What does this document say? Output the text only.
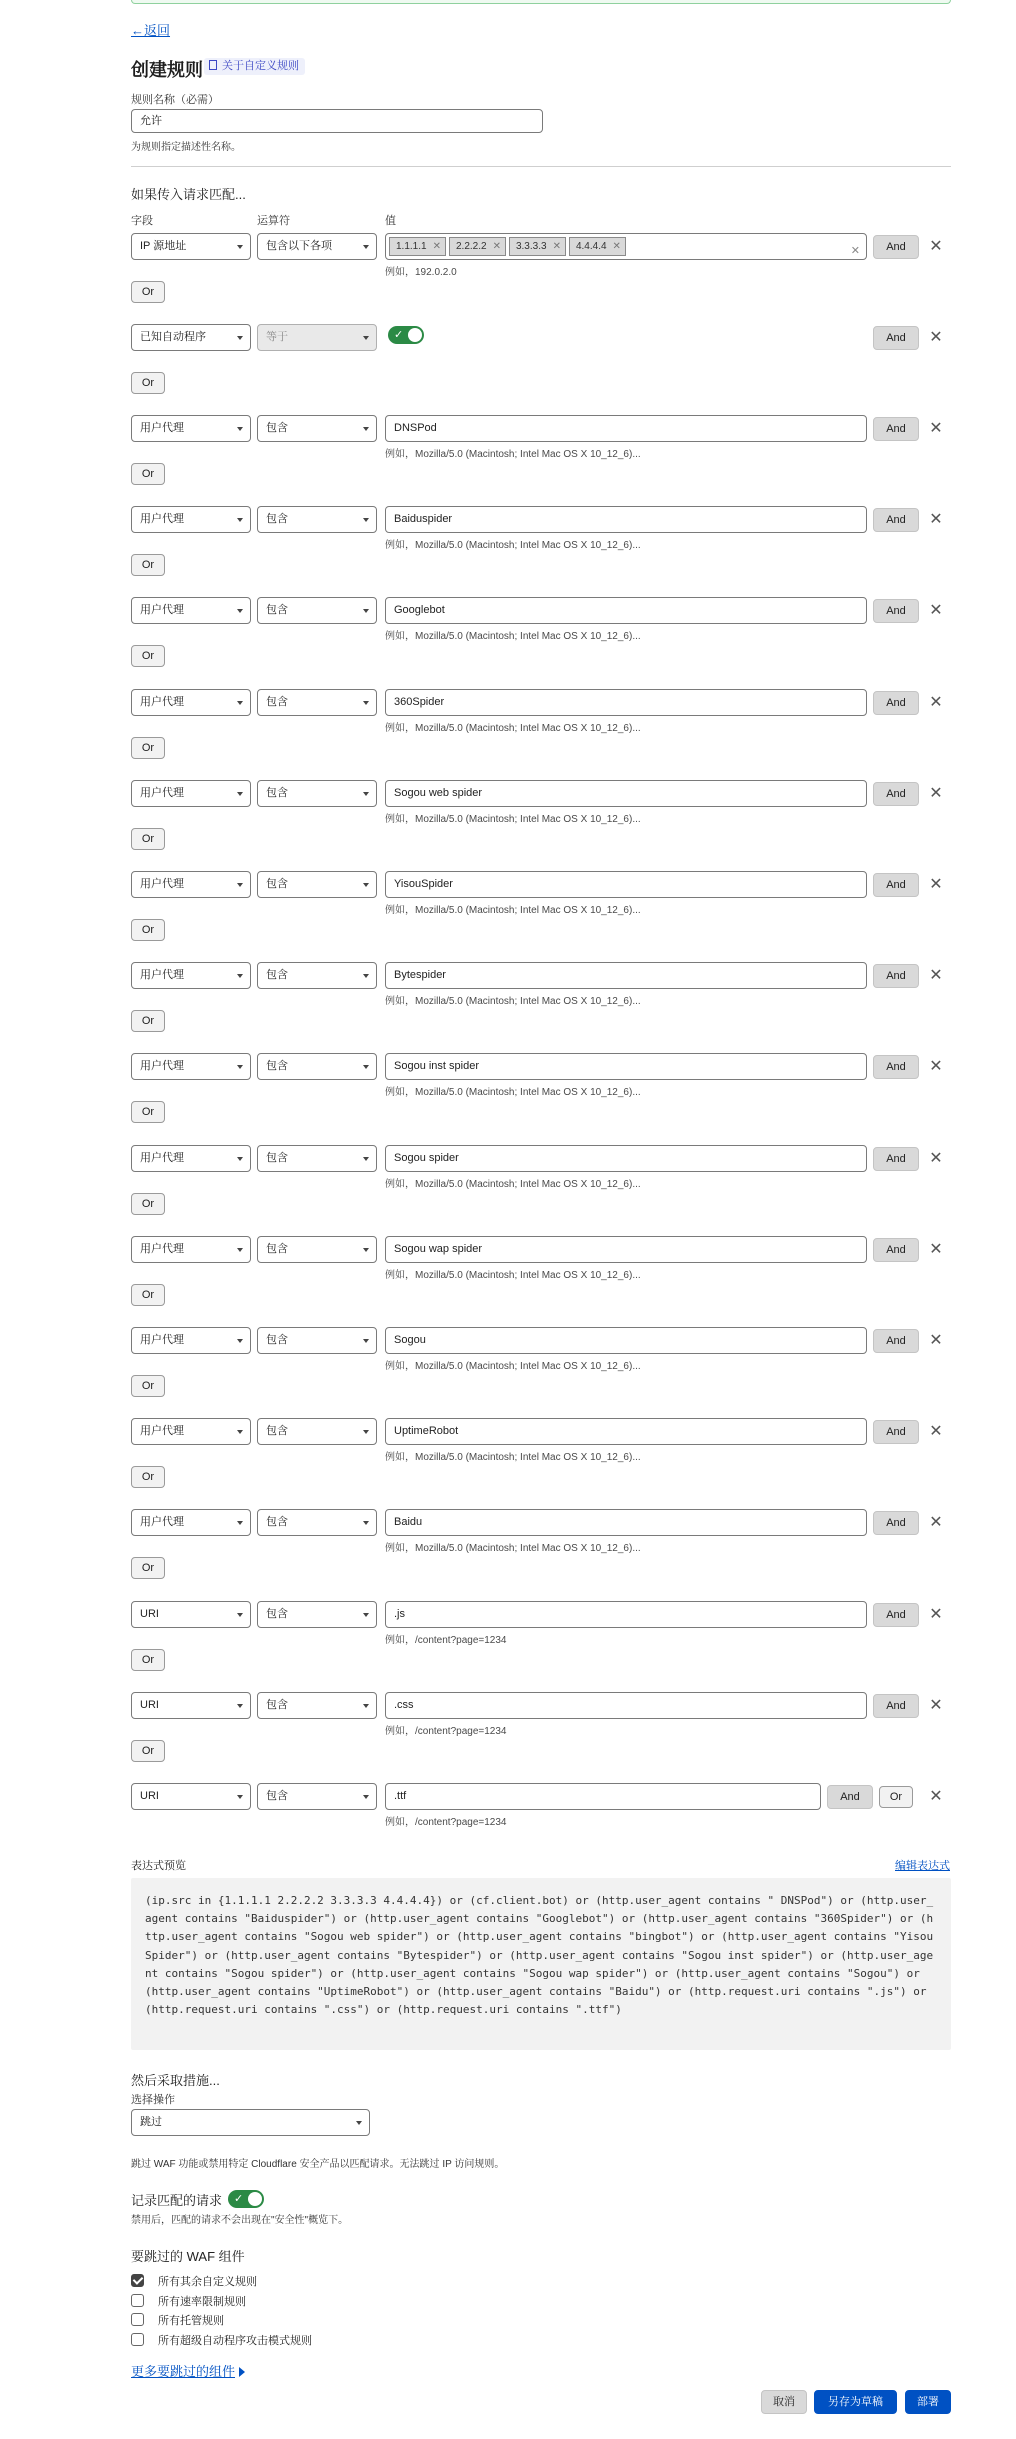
←返回
创建规则	关于自定义规则
规则名称（必需）
允许
为规则指定描述性名称。
如果传入请求匹配...
字段	运算符	值
IP 源地址	包含以下各项	1.1.1.1 ✕ 2.2.2.2 ✕ 3.3.3.3 ✕ 4.4.4.4 ✕	✕
例如，192.0.2.0
And	✕
Or
已知自动程序	等于	✓	And	✕
Or
用户代理	包含	DNSPod
例如，Mozilla/5.0 (Macintosh; Intel Mac OS X 10_12_6)...
And
Or
✕
用户代理	包含	Baiduspider
例如，Mozilla/5.0 (Macintosh; Intel Mac OS X 10_12_6)...
And
Or
✕
用户代理	包含	Googlebot
例如，Mozilla/5.0 (Macintosh; Intel Mac OS X 10_12_6)...
And
Or
✕
用户代理	包含	360Spider
例如，Mozilla/5.0 (Macintosh; Intel Mac OS X 10_12_6)...
And
Or
✕
用户代理	包含	Sogou web spider
例如，Mozilla/5.0 (Macintosh; Intel Mac OS X 10_12_6)...
And
Or
✕
用户代理	包含	YisouSpider
例如，Mozilla/5.0 (Macintosh; Intel Mac OS X 10_12_6)...
And
Or
✕
用户代理	包含	Bytespider
例如，Mozilla/5.0 (Macintosh; Intel Mac OS X 10_12_6)...
And
Or
✕
用户代理	包含	Sogou inst spider
例如，Mozilla/5.0 (Macintosh; Intel Mac OS X 10_12_6)...
And
Or
✕
用户代理	包含	Sogou spider
例如，Mozilla/5.0 (Macintosh; Intel Mac OS X 10_12_6)...
And
Or
✕
用户代理	包含	Sogou wap spider
例如，Mozilla/5.0 (Macintosh; Intel Mac OS X 10_12_6)...
And
Or
✕
用户代理	包含	Sogou
例如，Mozilla/5.0 (Macintosh; Intel Mac OS X 10_12_6)...
And
Or
✕
用户代理	包含	UptimeRobot
例如，Mozilla/5.0 (Macintosh; Intel Mac OS X 10_12_6)...
And
Or
✕
用户代理	包含	Baidu
例如，Mozilla/5.0 (Macintosh; Intel Mac OS X 10_12_6)...
And
Or
✕
URI	包含	.js
例如，/content?page=1234
And
Or
✕
URI	包含	.css
例如，/content?page=1234
And
Or
✕
URI	包含	.ttf
例如，/content?page=1234
And	Or	✕
表达式预览	编辑表达式
(ip.src in {1.1.1.1 2.2.2.2 3.3.3.3 4.4.4.4}) or (cf.client.bot) or (http.user_agent contains " DNSPod") or (http.user_agent contains "Baiduspider") or (http.user_agent contains "Googlebot") or (http.user_agent contains "360Spider") or (http.user_agent contains "Sogou web spider") or (http.user_agent contains "bingbot") or (http.user_agent contains "YisouSpider") or (http.user_agent contains "Bytespider") or (http.user_agent contains "Sogou inst spider") or (http.user_agent contains "Sogou spider") or (http.user_agent contains "Sogou wap spider") or (http.user_agent contains "Sogou") or (http.user_agent contains "UptimeRobot") or (http.user_agent contains "Baidu") or (http.request.uri contains ".js") or (http.request.uri contains ".css") or (http.request.uri contains ".ttf")
然后采取措施...
选择操作
跳过
跳过 WAF 功能或禁用特定 Cloudflare 安全产品以匹配请求。无法跳过 IP 访问规则。
记录匹配的请求 ✓
禁用后，匹配的请求不会出现在"安全性"概览下。
要跳过的 WAF 组件
所有其余自定义规则
所有速率限制规则
所有托管规则
所有超级自动程序攻击模式规则
更多要跳过的组件
取消	另存为草稿	部署
